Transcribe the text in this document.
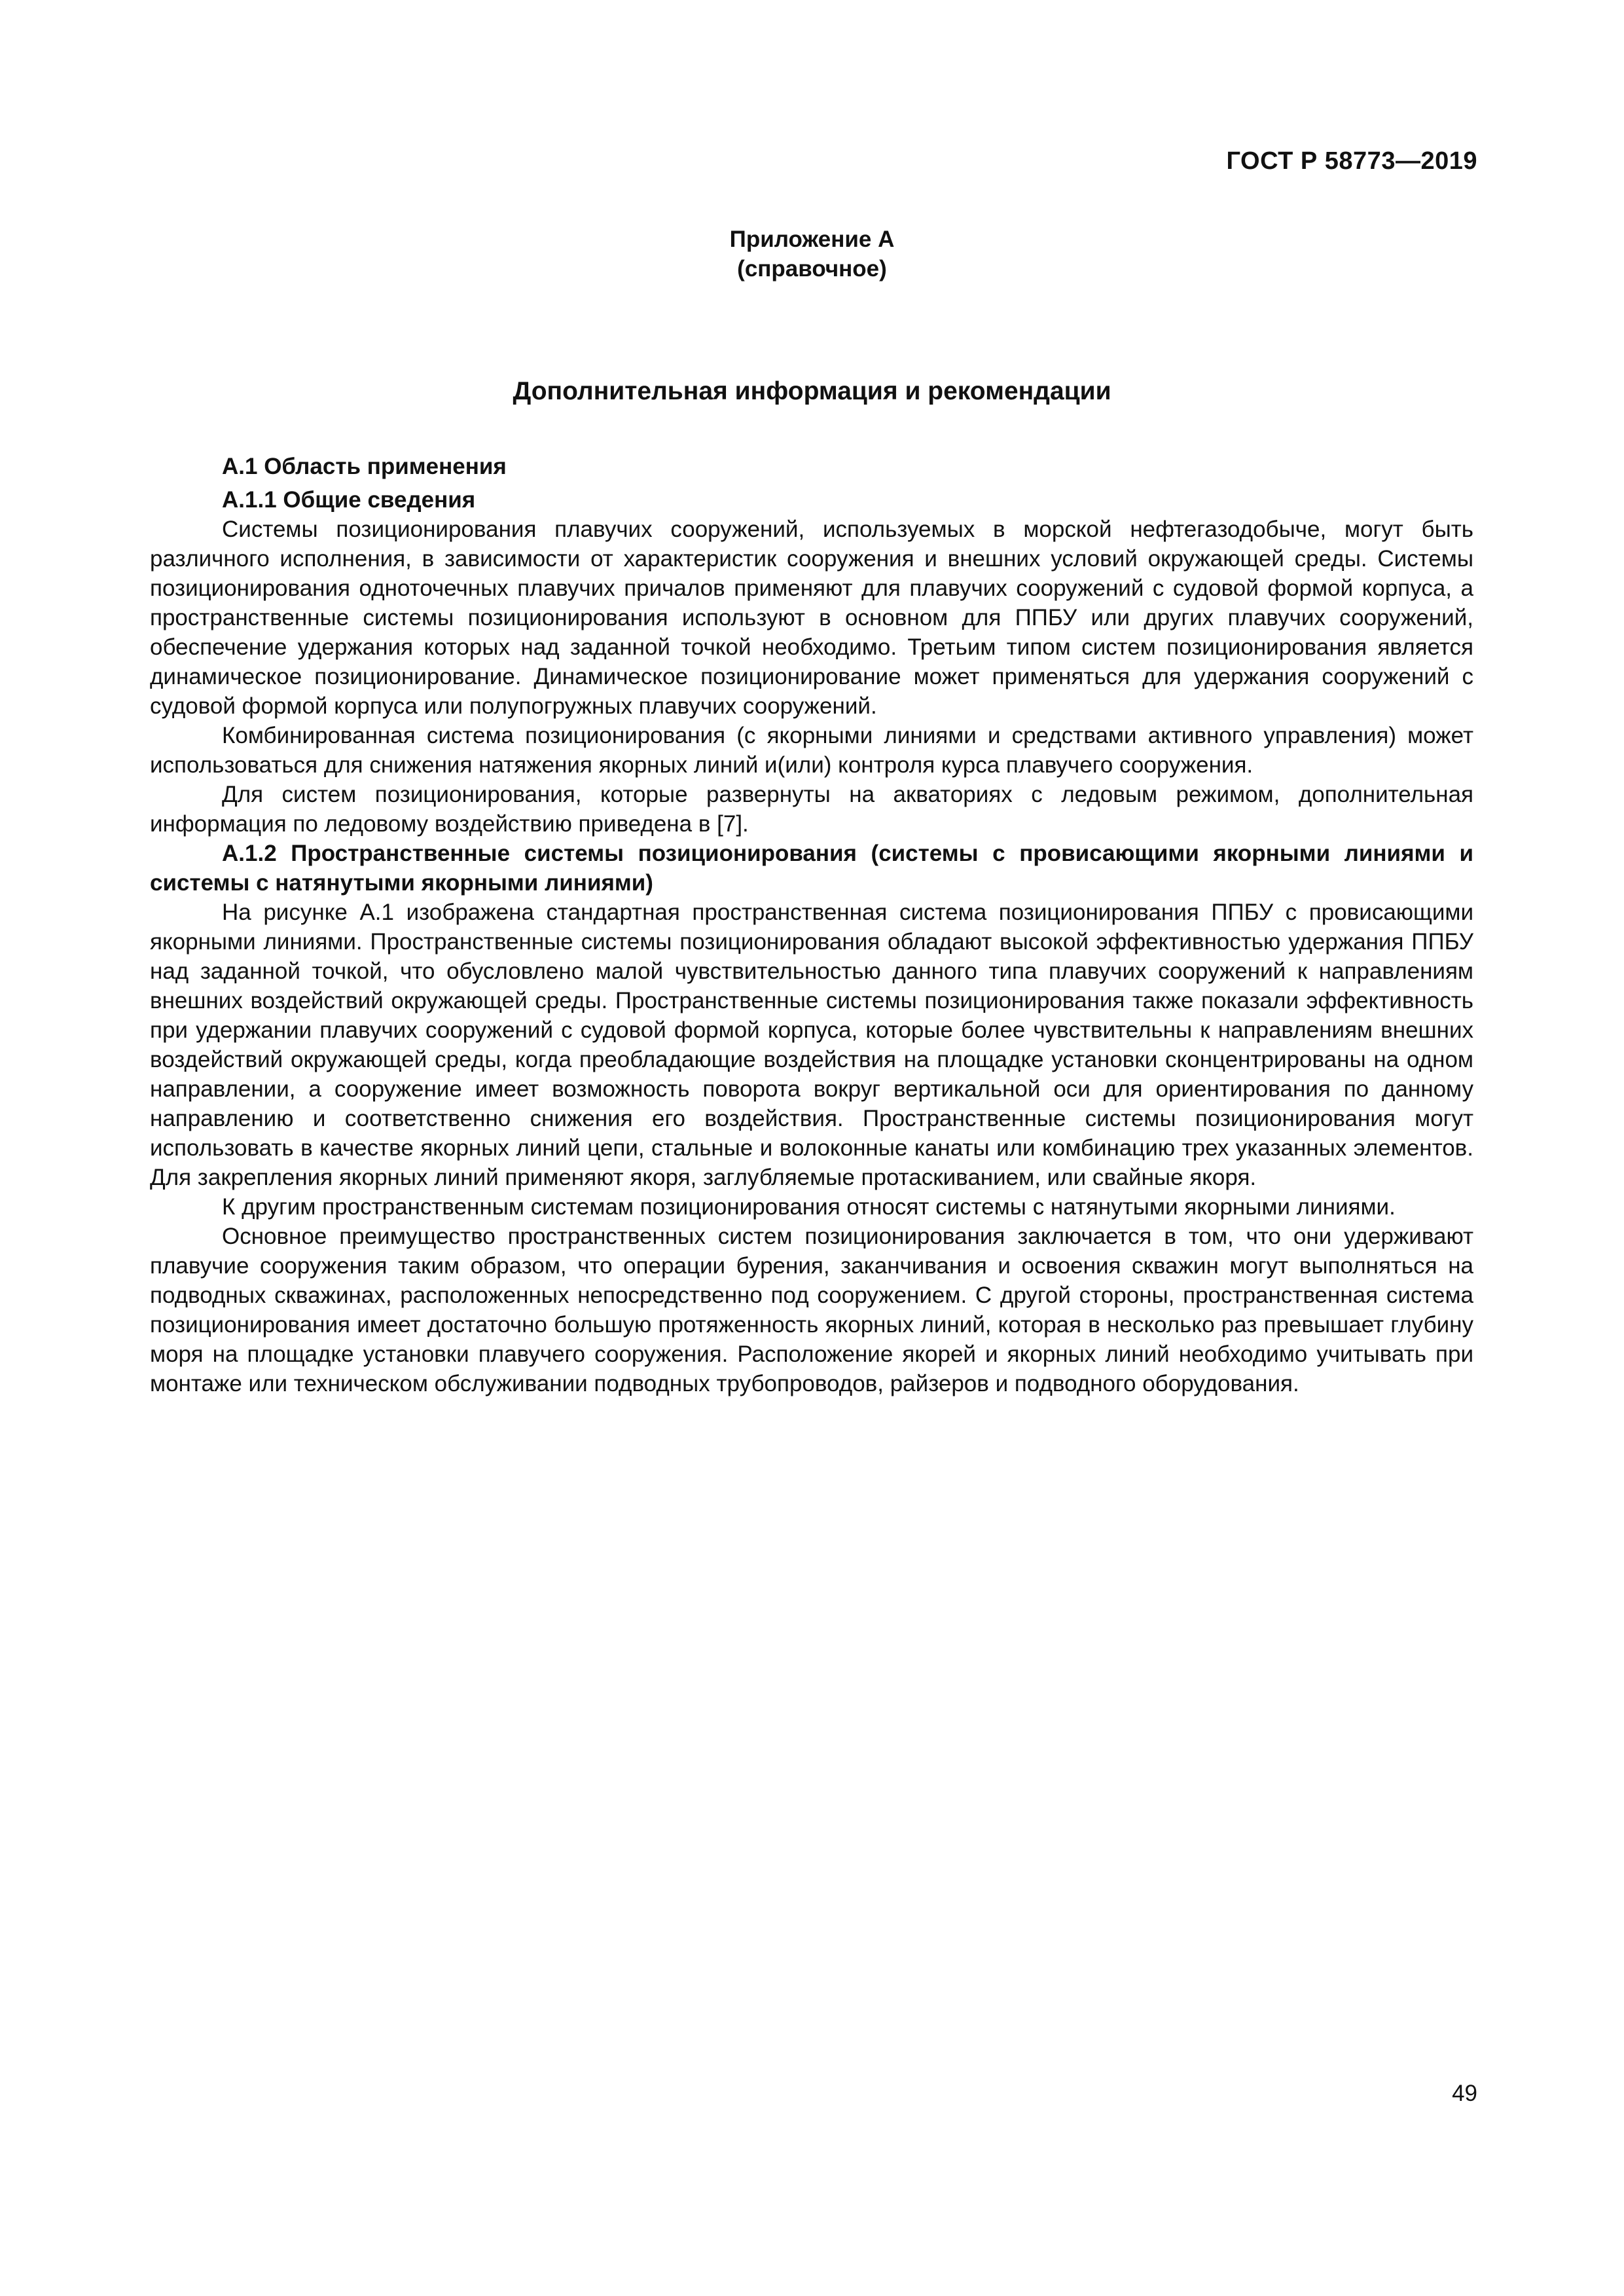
ГОСТ Р 58773—2019
Приложение А
(справочное)
Дополнительная информация и рекомендации
А.1 Область применения
А.1.1 Общие сведения

Системы позиционирования плавучих сооружений, используемых в морской нефтегазодобыче, могут быть различного исполнения, в зависимости от характеристик сооружения и внешних условий окружающей среды. Системы позиционирования одноточечных плавучих причалов применяют для плавучих сооружений с судовой формой корпуса, а пространственные системы позиционирования используют в основном для ППБУ или других плавучих сооружений, обеспечение удержания которых над заданной точкой необходимо. Третьим типом систем позиционирования является динамическое позиционирование. Динамическое позиционирование может применяться для удержания сооружений с судовой формой корпуса или полупогружных плавучих сооружений.

Комбинированная система позиционирования (с якорными линиями и средствами активного управления) может использоваться для снижения натяжения якорных линий и(или) контроля курса плавучего сооружения.

Для систем позиционирования, которые развернуты на акваториях с ледовым режимом, дополнительная информация по ледовому воздействию приведена в [7].

А.1.2 Пространственные системы позиционирования (системы с провисающими якорными линиями и системы с натянутыми якорными линиями)

На рисунке А.1 изображена стандартная пространственная система позиционирования ППБУ с провисающими якорными линиями. Пространственные системы позиционирования обладают высокой эффективностью удержания ППБУ над заданной точкой, что обусловлено малой чувствительностью данного типа плавучих сооружений к направлениям внешних воздействий окружающей среды. Пространственные системы позиционирования также показали эффективность при удержании плавучих сооружений с судовой формой корпуса, которые более чувствительны к направлениям внешних воздействий окружающей среды, когда преобладающие воздействия на площадке установки сконцентрированы на одном направлении, а сооружение имеет возможность поворота вокруг вертикальной оси для ориентирования по данному направлению и соответственно снижения его воздействия. Пространственные системы позиционирования могут использовать в качестве якорных линий цепи, стальные и волоконные канаты или комбинацию трех указанных элементов. Для закрепления якорных линий применяют якоря, заглубляемые протаскиванием, или свайные якоря.

К другим пространственным системам позиционирования относят системы с натянутыми якорными линиями.

Основное преимущество пространственных систем позиционирования заключается в том, что они удерживают плавучие сооружения таким образом, что операции бурения, заканчивания и освоения скважин могут выполняться на подводных скважинах, расположенных непосредственно под сооружением. С другой стороны, пространственная система позиционирования имеет достаточно большую протяженность якорных линий, которая в несколько раз превышает глубину моря на площадке установки плавучего сооружения. Расположение якорей и якорных линий необходимо учитывать при монтаже или техническом обслуживании подводных трубопроводов, райзеров и подводного оборудования.

49
